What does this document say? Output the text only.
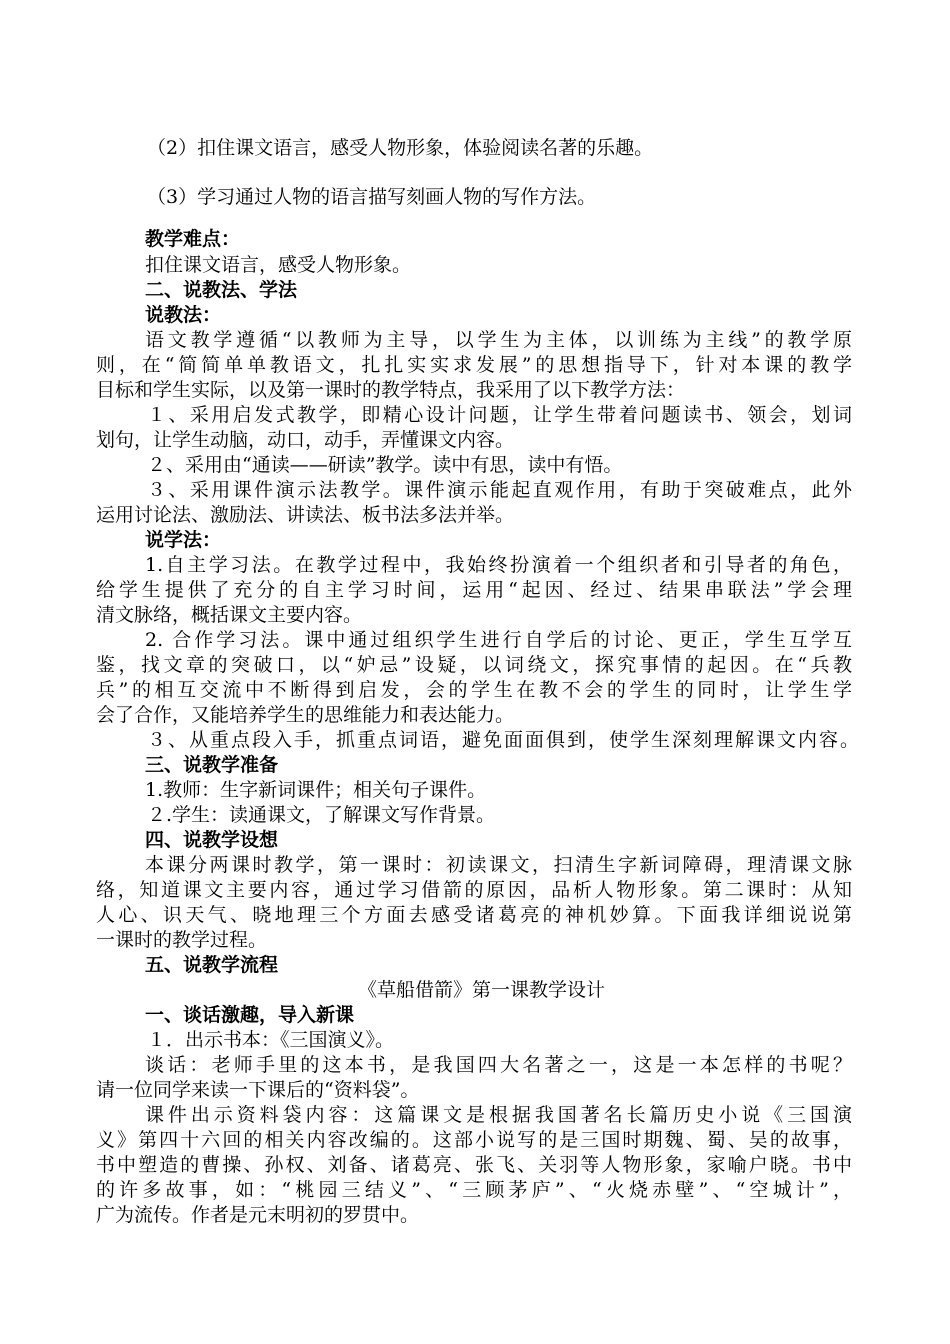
（2）扣住课文语言，感受人物形象，体验阅读名著的乐趣。
（3）学习通过人物的语言描写刻画人物的写作方法。
教学难点：
扣住课文语言，感受人物形象。
二、说教法、学法
说教法：
语文教学遵循“以教师为主导，以学生为主体，以训练为主线”的教学原
则，在“简简单单教语文，扎扎实实求发展”的思想指导下，针对本课的教学
目标和学生实际，以及第一课时的教学特点，我采用了以下教学方法：
１、采用启发式教学，即精心设计问题，让学生带着问题读书、领会，划词
划句，让学生动脑，动口，动手，弄懂课文内容。
２、采用由“通读——研读”教学。读中有思，读中有悟。
３、采用课件演示法教学。课件演示能起直观作用，有助于突破难点，此外
运用讨论法、激励法、讲读法、板书法多法并举。
说学法：
1.自主学习法。在教学过程中，我始终扮演着一个组织者和引导者的角色，
给学生提供了充分的自主学习时间，运用“起因、经过、结果串联法”学会理
清文脉络，概括课文主要内容。
2. 合作学习法。课中通过组织学生进行自学后的讨论、更正，学生互学互
鉴，找文章的突破口，以“妒忌”设疑，以词绕文，探究事情的起因。在“兵教
兵”的相互交流中不断得到启发，会的学生在教不会的学生的同时，让学生学
会了合作，又能培养学生的思维能力和表达能力。
３、从重点段入手，抓重点词语，避免面面俱到，使学生深刻理解课文内容。
三、说教学准备
1.教师：生字新词课件；相关句子课件。
２.学生：读通课文，了解课文写作背景。
四、说教学设想
本课分两课时教学，第一课时：初读课文，扫清生字新词障碍，理清课文脉
络，知道课文主要内容，通过学习借箭的原因，品析人物形象。第二课时：从知
人心、识天气、晓地理三个方面去感受诸葛亮的神机妙算。下面我详细说说第
一课时的教学过程。
五、说教学流程
《草船借箭》第一课教学设计
一、谈话激趣，导入新课
１．出示书本：《三国演义》。
谈话：老师手里的这本书，是我国四大名著之一，这是一本怎样的书呢？
请一位同学来读一下课后的“资料袋”。
课件出示资料袋内容：这篇课文是根据我国著名长篇历史小说《三国演
义》第四十六回的相关内容改编的。这部小说写的是三国时期魏、蜀、吴的故事，
书中塑造的曹操、孙权、刘备、诸葛亮、张飞、关羽等人物形象，家喻户晓。书中
的许多故事，如：“桃园三结义”、“三顾茅庐”、“火烧赤壁”、“空城计”，
广为流传。作者是元末明初的罗贯中。
